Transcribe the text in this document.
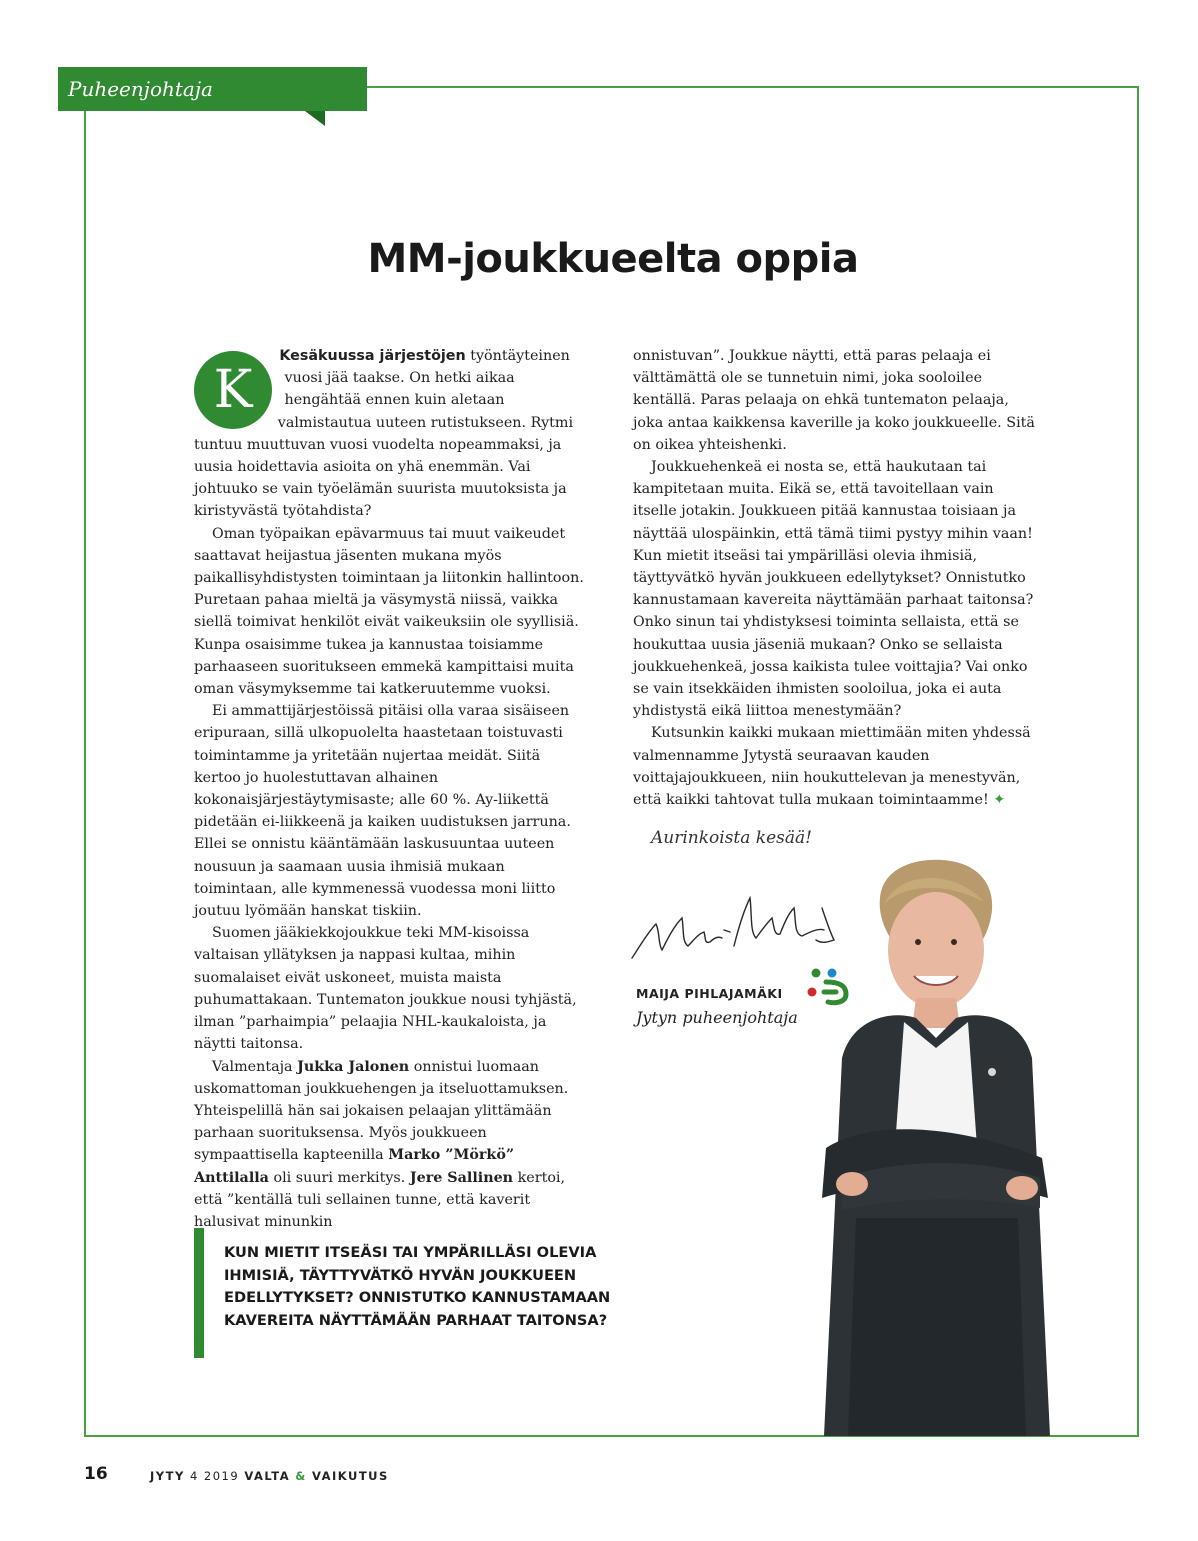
Puheenjohtaja
MM-joukkueelta oppia

K
Kesäkuussa järjestöjen työntäyteinen vuosi jää taakse. On hetki aikaa hengähtää ennen kuin aletaan valmistautua uuteen rutistukseen. Rytmi tuntuu muuttuvan vuosi vuodelta nopeammaksi, ja uusia hoidettavia asioita on yhä enemmän. Vai johtuuko se vain työelämän suurista muutoksista ja kiristyvästä työtahdista?

Oman työpaikan epävarmuus tai muut vaikeudet saattavat heijastua jäsenten mukana myös paikallisyhdistysten toimintaan ja liitonkin hallintoon. Puretaan pahaa mieltä ja väsymystä niissä, vaikka siellä toimivat henkilöt eivät vaikeuksiin ole syyllisiä. Kunpa osaisimme tukea ja kannustaa toisiamme parhaaseen suoritukseen emmekä kampittaisi muita oman väsymyksemme tai katkeruutemme vuoksi.

Ei ammattijärjestöissä pitäisi olla varaa sisäiseen eripuraan, sillä ulkopuolelta haastetaan toistuvasti toimintamme ja yritetään nujertaa meidät. Siitä kertoo jo huolestuttavan alhainen kokonaisjärjestäytymisaste; alle 60 %. Ay-liikettä pidetään ei-liikkeenä ja kaiken uudistuksen jarruna. Ellei se onnistu kääntämään laskusuuntaa uuteen nousuun ja saamaan uusia ihmisiä mukaan toimintaan, alle kymmenessä vuodessa moni liitto joutuu lyömään hanskat tiskiin.

Suomen jääkiekkojoukkue teki MM-kisoissa valtaisan yllätyksen ja nappasi kultaa, mihin suomalaiset eivät uskoneet, muista maista puhumattakaan. Tuntematon joukkue nousi tyhjästä, ilman ”parhaimpia” pelaajia NHL-kaukaloista, ja näytti taitonsa.

Valmentaja Jukka Jalonen onnistui luomaan uskomattoman joukkuehengen ja itseluottamuksen. Yhteispelillä hän sai jokaisen pelaajan ylittämään parhaan suorituksensa. Myös joukkueen sympaattisella kapteenilla Marko ”Mörkö” Anttilalla oli suuri merkitys. Jere Sallinen kertoi, että ”kentällä tuli sellainen tunne, että kaverit halusivat minunkin

onnistuvan”. Joukkue näytti, että paras pelaaja ei välttämättä ole se tunnetuin nimi, joka sooloilee kentällä. Paras pelaaja on ehkä tuntematon pelaaja, joka antaa kaikkensa kaverille ja koko joukkueelle. Sitä on oikea yhteishenki.

Joukkuehenkeä ei nosta se, että haukutaan tai kampitetaan muita. Eikä se, että tavoitellaan vain itselle jotakin. Joukkueen pitää kannustaa toisiaan ja näyttää ulospäinkin, että tämä tiimi pystyy mihin vaan! Kun mietit itseäsi tai ympärilläsi olevia ihmisiä, täyttyvätkö hyvän joukkueen edellytykset? Onnistutko kannustamaan kavereita näyttämään parhaat taitonsa? Onko sinun tai yhdistyksesi toiminta sellaista, että se houkuttaa uusia jäseniä mukaan? Onko se sellaista joukkuehenkeä, jossa kaikista tulee voittajia? Vai onko se vain itsekkäiden ihmisten sooloilua, joka ei auta yhdistystä eikä liittoa menestymään?

Kutsunkin kaikki mukaan miettimään miten yhdessä valmennamme Jytystä seuraavan kauden voittajajoukkueen, niin houkuttelevan ja menestyvän, että kaikki tahtovat tulla mukaan toimintaamme! ✦

Aurinkoista kesää!
MAIJA PIHLAJAMÄKI
Jytyn puheenjohtaja
KUN MIETIT ITSEÄSI TAI YMPÄRILLÄSI OLEVIA IHMISIÄ, TÄYTTYVÄTKÖ HYVÄN JOUKKUEEN EDELLYTYKSET? ONNISTUTKO KANNUSTAMAAN KAVEREITA NÄYTTÄMÄÄN PARHAAT TAITONSA?
16	JYTY 4 2019 VALTA & VAIKUTUS
